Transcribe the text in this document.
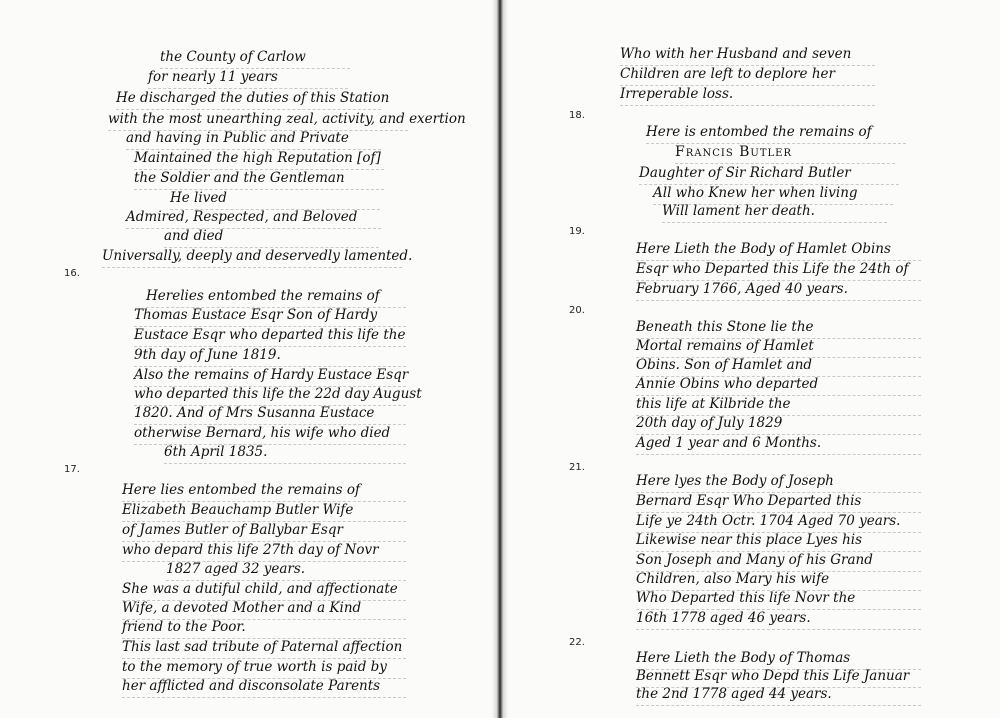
the County of Carlow
for nearly 11 years
He discharged the duties of this Station
with the most unearthing zeal, activity, and exertion
and having in Public and Private
Maintained the high Reputation [of]
the Soldier and the Gentleman
He lived
Admired, Respected, and Beloved
and died
Universally, deeply and deservedly lamented.
16.
Herelies entombed the remains of
Thomas Eustace Esqr Son of Hardy
Eustace Esqr who departed this life the
9th day of June 1819.
Also the remains of Hardy Eustace Esqr
who departed this life the 22d day August
1820. And of Mrs Susanna Eustace
otherwise Bernard, his wife who died
6th April 1835.
17.
Here lies entombed the remains of
Elizabeth Beauchamp Butler Wife
of James Butler of Ballybar Esqr
who depard this life 27th day of Novr
1827 aged 32 years.
She was a dutiful child, and affectionate
Wife, a devoted Mother and a Kind
friend to the Poor.
This last sad tribute of Paternal affection
to the memory of true worth is paid by
her afflicted and disconsolate Parents
Who with her Husband and seven
Children are left to deplore her
Irreperable loss.
18.
Here is entombed the remains of
Francis Butler
Daughter of Sir Richard Butler
All who Knew her when living
Will lament her death.
19.
Here Lieth the Body of Hamlet Obins
Esqr who Departed this Life the 24th of
February 1766, Aged 40 years.
20.
Beneath this Stone lie the
Mortal remains of Hamlet
Obins. Son of Hamlet and
Annie Obins who departed
this life at Kilbride the
20th day of July 1829
Aged 1 year and 6 Months.
21.
Here lyes the Body of Joseph
Bernard Esqr Who Departed this
Life ye 24th Octr. 1704 Aged 70 years.
Likewise near this place Lyes his
Son Joseph and Many of his Grand
Children, also Mary his wife
Who Departed this life Novr the
16th 1778 aged 46 years.
22.
Here Lieth the Body of Thomas
Bennett Esqr who Depd this Life Januar
the 2nd 1778 aged 44 years.
